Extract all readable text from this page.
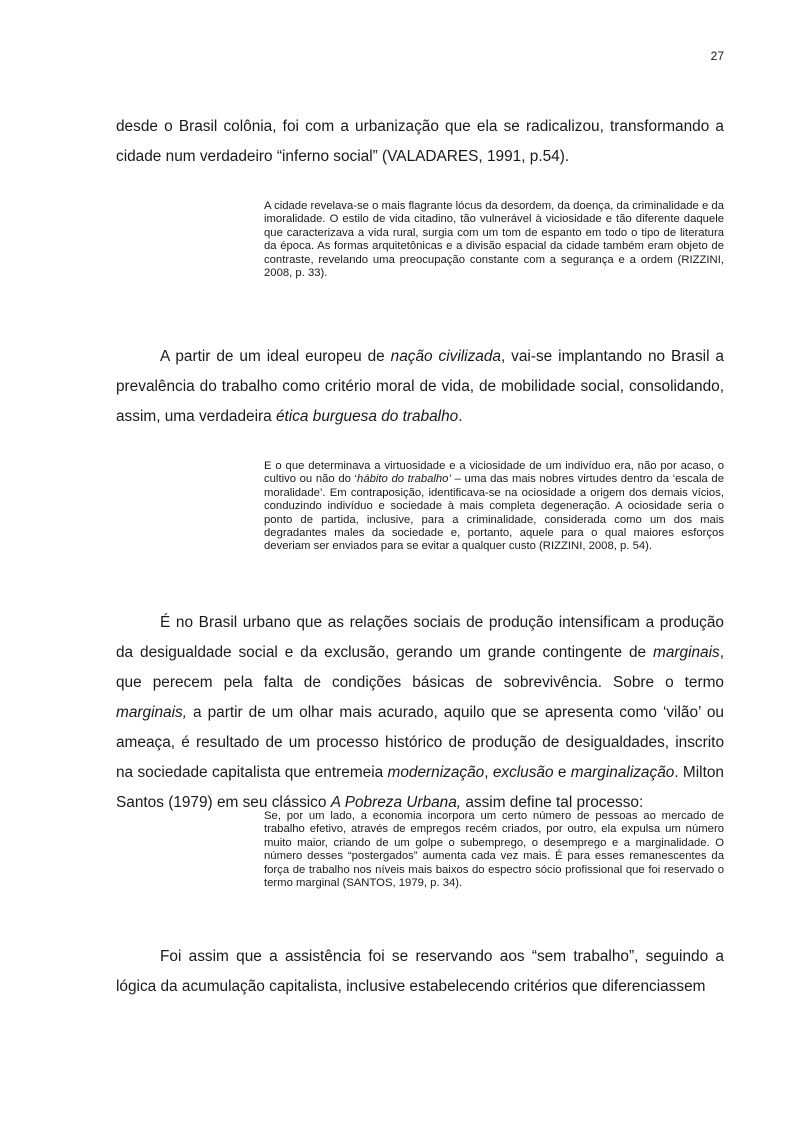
27

desde o Brasil colônia, foi com a urbanização que ela se radicalizou, transformando a cidade num verdadeiro “inferno social” (VALADARES, 1991, p.54).

A cidade revelava-se o mais flagrante lócus da desordem, da doença, da criminalidade e da imoralidade. O estilo de vida citadino, tão vulnerável à viciosidade e tão diferente daquele que caracterizava a vida rural, surgia com um tom de espanto em todo o tipo de literatura da época. As formas arquitetônicas e a divisão espacial da cidade também eram objeto de contraste, revelando uma preocupação constante com a segurança e a ordem (RIZZINI, 2008, p. 33).

A partir de um ideal europeu de nação civilizada, vai-se implantando no Brasil a prevalência do trabalho como critério moral de vida, de mobilidade social, consolidando, assim, uma verdadeira ética burguesa do trabalho.

E o que determinava a virtuosidade e a viciosidade de um indivíduo era, não por acaso, o cultivo ou não do ‘hábito do trabalho’ – uma das mais nobres virtudes dentro da ‘escala de moralidade’. Em contraposição, identificava-se na ociosidade a origem dos demais vícios, conduzindo indivíduo e sociedade à mais completa degeneração. A ociosidade seria o ponto de partida, inclusive, para a criminalidade, considerada como um dos mais degradantes males da sociedade e, portanto, aquele para o qual maiores esforços deveriam ser enviados para se evitar a qualquer custo (RIZZINI, 2008, p. 54).

É no Brasil urbano que as relações sociais de produção intensificam a produção da desigualdade social e da exclusão, gerando um grande contingente de marginais, que perecem pela falta de condições básicas de sobrevivência. Sobre o termo marginais, a partir de um olhar mais acurado, aquilo que se apresenta como ‘vilão’ ou ameaça, é resultado de um processo histórico de produção de desigualdades, inscrito na sociedade capitalista que entremeia modernização, exclusão e marginalização. Milton Santos (1979) em seu clássico A Pobreza Urbana, assim define tal processo:

Se, por um lado, a economia incorpora um certo número de pessoas ao mercado de trabalho efetivo, através de empregos recém criados, por outro, ela expulsa um número muito maior, criando de um golpe o subemprego, o desemprego e a marginalidade. O número desses “postergados” aumenta cada vez mais. É para esses remanescentes da força de trabalho nos níveis mais baixos do espectro sócio profissional que foi reservado o termo marginal (SANTOS, 1979, p. 34).

Foi assim que a assistência foi se reservando aos “sem trabalho”, seguindo a lógica da acumulação capitalista, inclusive estabelecendo critérios que diferenciassem
